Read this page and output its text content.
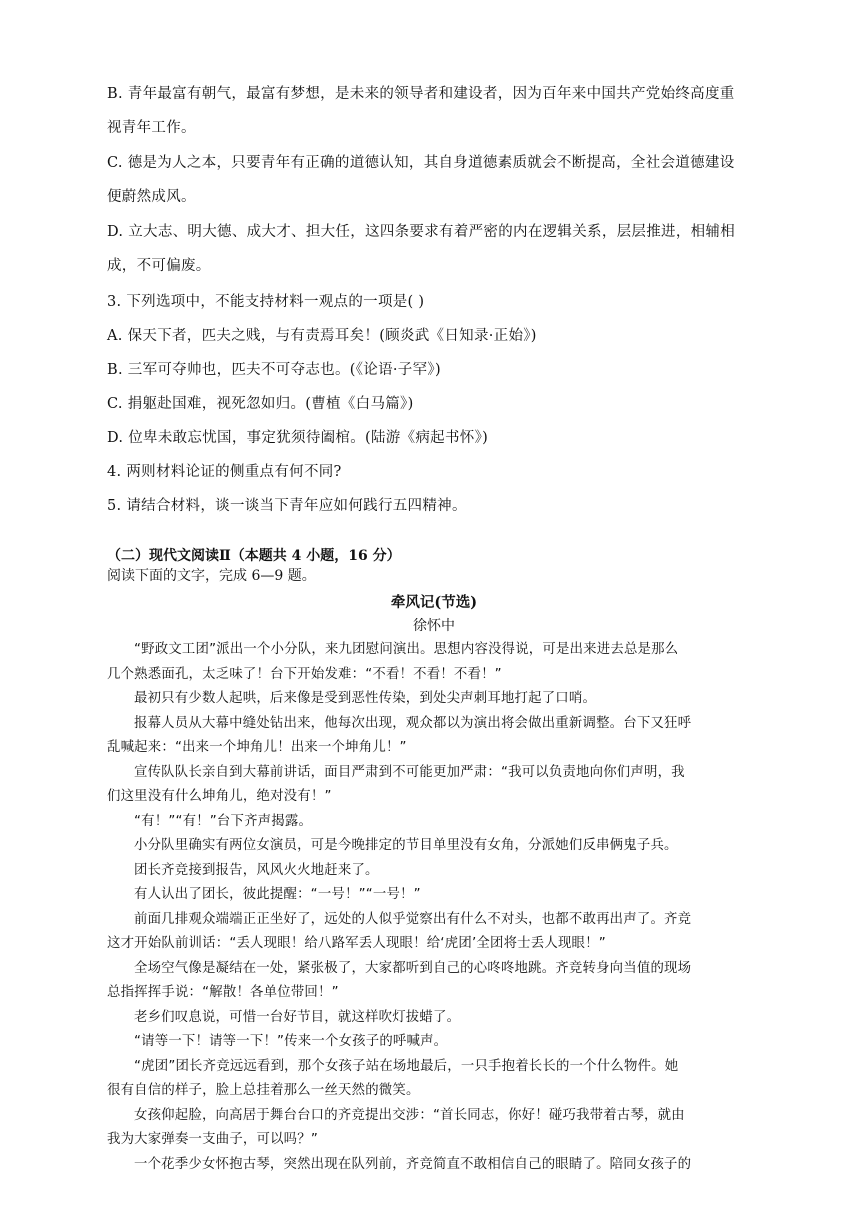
B. 青年最富有朝气，最富有梦想，是未来的领导者和建设者，因为百年来中国共产党始终高度重
视青年工作。
C. 德是为人之本，只要青年有正确的道德认知，其自身道德素质就会不断提高，全社会道德建设
便蔚然成风。
D. 立大志、明大德、成大才、担大任，这四条要求有着严密的内在逻辑关系，层层推进，相辅相
成，不可偏废。
3. 下列选项中，不能支持材料一观点的一项是( )
A. 保天下者，匹夫之贱，与有责焉耳矣！(顾炎武《日知录·正始》)
B. 三军可夺帅也，匹夫不可夺志也。(《论语·子罕》)
C. 捐躯赴国难，视死忽如归。(曹植《白马篇》)
D. 位卑未敢忘忧国，事定犹须待阖棺。(陆游《病起书怀》)
4. 两则材料论证的侧重点有何不同?
5. 请结合材料，谈一谈当下青年应如何践行五四精神。
（二）现代文阅读Ⅱ（本题共 4 小题，16 分）
阅读下面的文字，完成 6—9 题。
牵风记(节选)
徐怀中
“野政文工团”派出一个小分队，来九团慰问演出。思想内容没得说，可是出来进去总是那么
几个熟悉面孔，太乏味了！台下开始发难：“不看！不看！不看！”
最初只有少数人起哄，后来像是受到恶性传染，到处尖声刺耳地打起了口哨。
报幕人员从大幕中缝处钻出来，他每次出现，观众都以为演出将会做出重新调整。台下又狂呼
乱喊起来：“出来一个坤角儿！出来一个坤角儿！”
宣传队队长亲自到大幕前讲话，面目严肃到不可能更加严肃：“我可以负责地向你们声明，我
们这里没有什么坤角儿，绝对没有！”
“有！”“有！”台下齐声揭露。
小分队里确实有两位女演员，可是今晚排定的节目单里没有女角，分派她们反串俩鬼子兵。
团长齐竞接到报告，风风火火地赶来了。
有人认出了团长，彼此提醒：“一号！”“一号！”
前面几排观众端端正正坐好了，远处的人似乎觉察出有什么不对头，也都不敢再出声了。齐竞
这才开始队前训话：“丢人现眼！给八路军丢人现眼！给‘虎团’全团将士丢人现眼！”
全场空气像是凝结在一处，紧张极了，大家都听到自己的心咚咚地跳。齐竞转身向当值的现场
总指挥挥手说：“解散！各单位带回！”
老乡们叹息说，可惜一台好节目，就这样吹灯拔蜡了。
“请等一下！请等一下！”传来一个女孩子的呼喊声。
“虎团”团长齐竞远远看到，那个女孩子站在场地最后，一只手抱着长长的一个什么物件。她
很有自信的样子，脸上总挂着那么一丝天然的微笑。
女孩仰起脸，向高居于舞台台口的齐竞提出交涉：“首长同志，你好！碰巧我带着古琴，就由
我为大家弹奏一支曲子，可以吗？”
一个花季少女怀抱古琴，突然出现在队列前，齐竞简直不敢相信自己的眼睛了。陪同女孩子的
